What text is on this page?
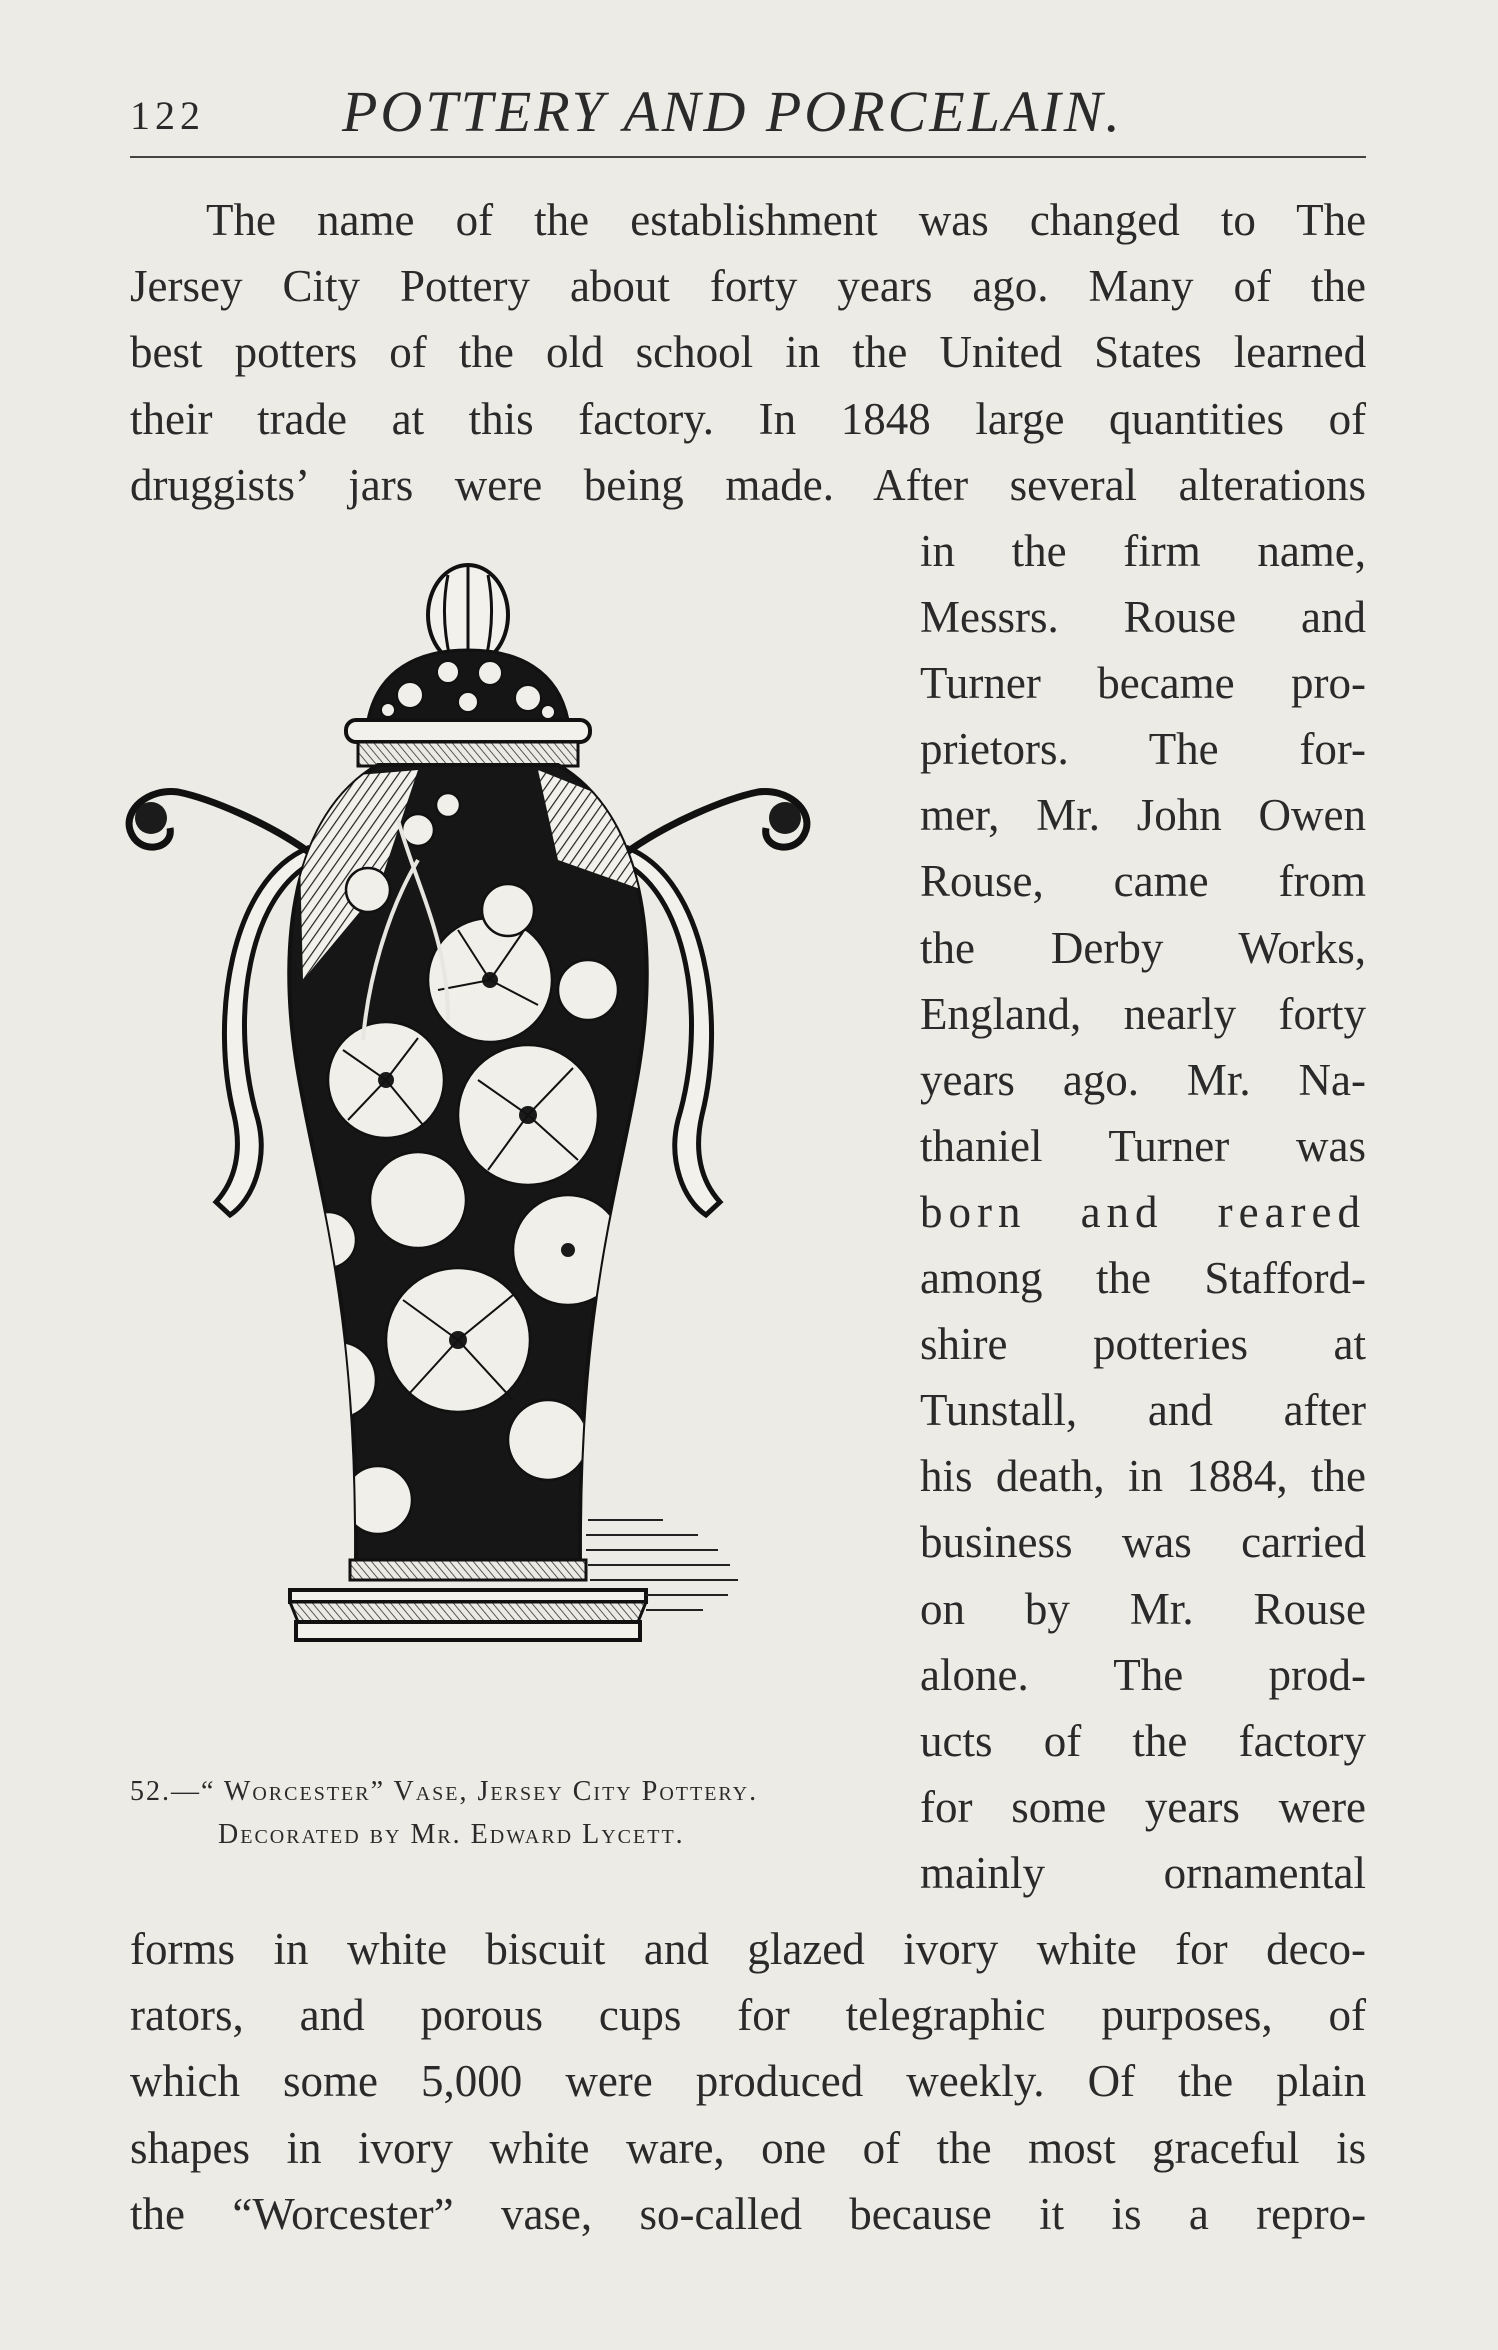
122 POTTERY AND PORCELAIN.
The name of the establishment was changed to The
Jersey City Pottery about forty years ago. Many of the
best potters of the old school in the United States learned
their trade at this factory. In 1848 large quantities of
druggists’ jars were being made. After several alterations
52.—“ Worcester” Vase, Jersey City Pottery.
Decorated by Mr. Edward Lycett.
in the firm name,
Messrs. Rouse and
Turner became pro-
prietors. The for-
mer, Mr. John Owen
Rouse, came from
the Derby Works,
England, nearly forty
years ago. Mr. Na-
thaniel Turner was
born and reared
among the Stafford-
shire potteries at
Tunstall, and after
his death, in 1884, the
business was carried
on by Mr. Rouse
alone. The prod-
ucts of the factory
for some years were
mainly	ornamental
forms in white biscuit and glazed ivory white for deco-
rators, and porous cups for telegraphic purposes, of
which some 5,000 were produced weekly. Of the plain
shapes in ivory white ware, one of the most graceful is
the “Worcester” vase, so-called because it is a repro-
